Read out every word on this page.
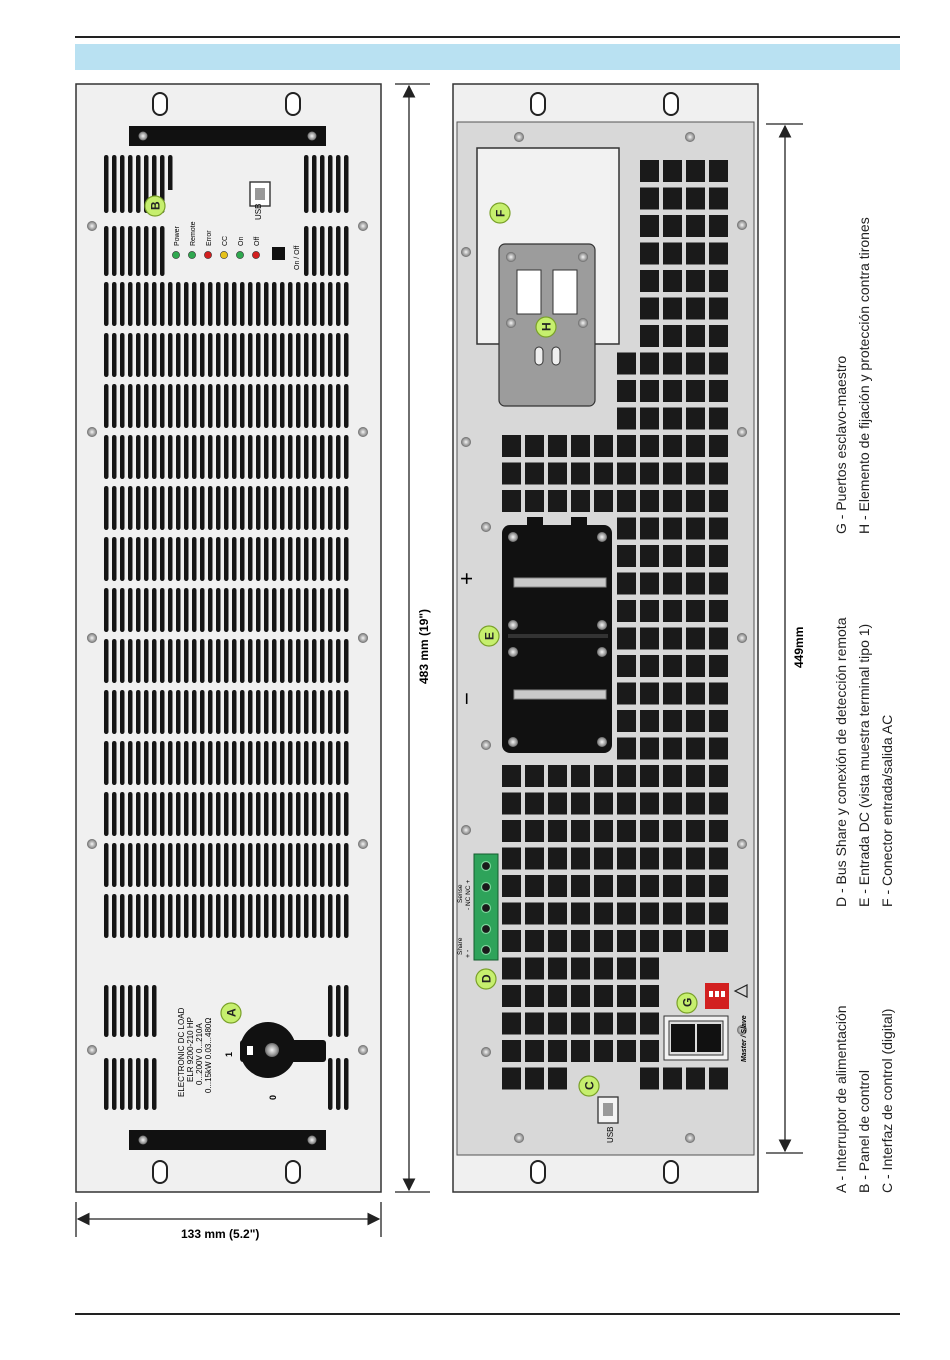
USB
Power Remote Error CC On Off
On / Off
1
0
ELECTRONIC DC LOAD ELR 9200-210 HP 0...200V 0...210A 0...15kW 0.03...480Ω
+
−
Sense - NC NC +
Share + -
Master / Slave
USB
A
B
C
D
E
F
G
H
483 mm (19")
133 mm (5.2")
449mm
A - Interruptor de alimentación B - Panel de control C - Interfaz de control (digital)
D - Bus Share y conexión de detección remota E - Entrada DC (vista muestra terminal tipo 1) F - Conector entrada/salida AC
G - Puertos esclavo-maestro H - Elemento de fijación y protección contra tirones
